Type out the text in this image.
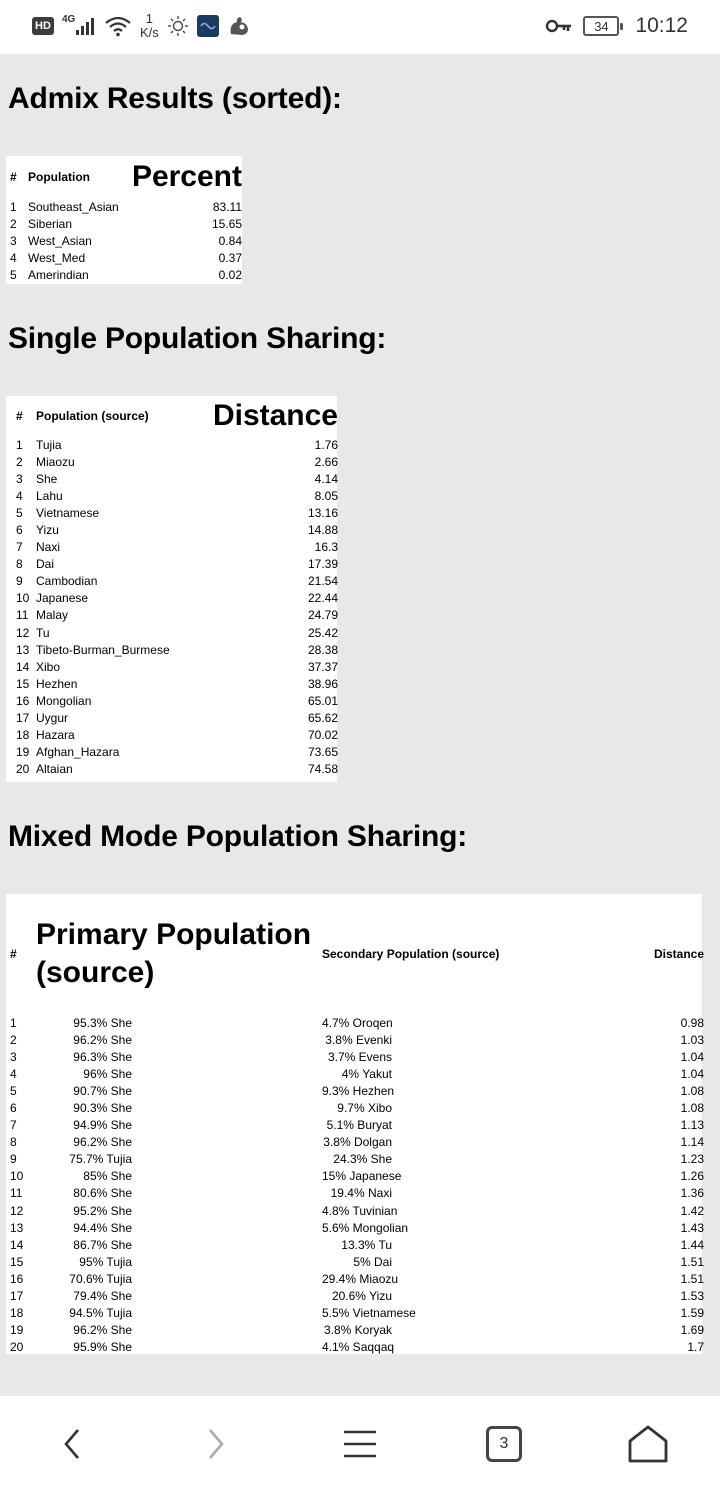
HD
4G	1
K/s	34	10:12
Admix Results (sorted):
#	Population	Percent
1	Southeast_Asian	83.11
2	Siberian	15.65
3	West_Asian	0.84
4	West_Med	0.37
5	Amerindian	0.02
Single Population Sharing:
#	Population (source)	Distance
1	Tujia	1.76
2	Miaozu	2.66
3	She	4.14
4	Lahu	8.05
5	Vietnamese	13.16
6	Yizu	14.88
7	Naxi	16.3
8	Dai	17.39
9	Cambodian	21.54
10	Japanese	22.44
11	Malay	24.79
12	Tu	25.42
13	Tibeto-Burman_Burmese	28.38
14	Xibo	37.37
15	Hezhen	38.96
16	Mongolian	65.01
17	Uygur	65.62
18	Hazara	70.02
19	Afghan_Hazara	73.65
20	Altaian	74.58
Mixed Mode Population Sharing:
#	Primary Population (source)		Secondary Population (source)	Distance
1	95.3% She		4.7% Oroqen	0.98
2	96.2% She		3.8% Evenki	1.03
3	96.3% She		3.7% Evens	1.04
4	96% She		4% Yakut	1.04
5	90.7% She		9.3% Hezhen	1.08
6	90.3% She		9.7% Xibo	1.08
7	94.9% She		5.1% Buryat	1.13
8	96.2% She		3.8% Dolgan	1.14
9	75.7% Tujia		24.3% She	1.23
10	85% She		15% Japanese	1.26
11	80.6% She		19.4% Naxi	1.36
12	95.2% She		4.8% Tuvinian	1.42
13	94.4% She		5.6% Mongolian	1.43
14	86.7% She		13.3% Tu	1.44
15	95% Tujia		5% Dai	1.51
16	70.6% Tujia		29.4% Miaozu	1.51
17	79.4% She		20.6% Yizu	1.53
18	94.5% Tujia		5.5% Vietnamese	1.59
19	96.2% She		3.8% Koryak	1.69
20	95.9% She		4.1% Saqqaq	1.7
3
